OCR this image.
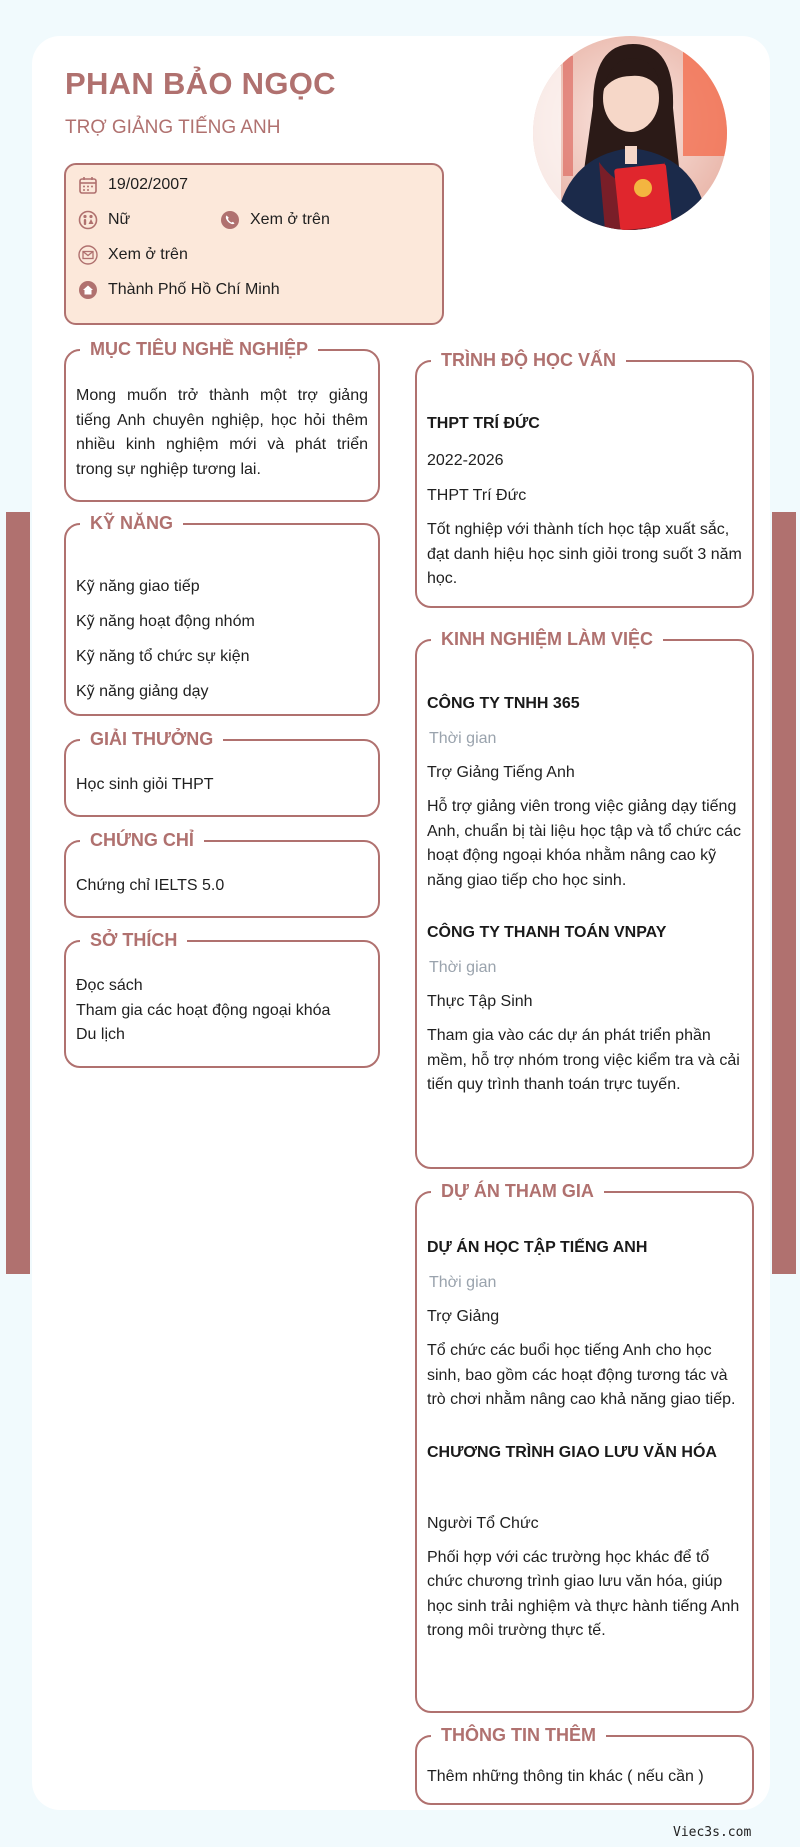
PHAN BẢO NGỌC
TRỢ GIẢNG TIẾNG ANH
19/02/2007
Nữ	Xem ở trên
Xem ở trên
Thành Phố Hồ Chí Minh
MỤC TIÊU NGHỀ NGHIỆP
Mong muốn trở thành một trợ giảng tiếng Anh chuyên nghiệp, học hỏi thêm nhiều kinh nghiệm mới và phát triển trong sự nghiệp tương lai.
KỸ NĂNG
Kỹ năng giao tiếp
Kỹ năng hoạt động nhóm
Kỹ năng tổ chức sự kiện
Kỹ năng giảng dạy
GIẢI THƯỞNG
Học sinh giỏi THPT
CHỨNG CHỈ
Chứng chỉ IELTS 5.0
SỞ THÍCH
Đọc sách
Tham gia các hoạt động ngoại khóa
Du lịch
TRÌNH ĐỘ HỌC VẤN
THPT TRÍ ĐỨC
2022-2026
THPT Trí Đức
Tốt nghiệp với thành tích học tập xuất sắc, đạt danh hiệu học sinh giỏi trong suốt 3 năm học.
KINH NGHIỆM LÀM VIỆC
CÔNG TY TNHH 365
Thời gian
Trợ Giảng Tiếng Anh
Hỗ trợ giảng viên trong việc giảng dạy tiếng Anh, chuẩn bị tài liệu học tập và tổ chức các hoạt động ngoại khóa nhằm nâng cao kỹ năng giao tiếp cho học sinh.
CÔNG TY THANH TOÁN VNPAY
Thời gian
Thực Tập Sinh
Tham gia vào các dự án phát triển phần mềm, hỗ trợ nhóm trong việc kiểm tra và cải tiến quy trình thanh toán trực tuyến.
DỰ ÁN THAM GIA
DỰ ÁN HỌC TẬP TIẾNG ANH
Thời gian
Trợ Giảng
Tổ chức các buổi học tiếng Anh cho học sinh, bao gồm các hoạt động tương tác và trò chơi nhằm nâng cao khả năng giao tiếp.
CHƯƠNG TRÌNH GIAO LƯU VĂN HÓA
Người Tổ Chức
Phối hợp với các trường học khác để tổ chức chương trình giao lưu văn hóa, giúp học sinh trải nghiệm và thực hành tiếng Anh trong môi trường thực tế.
THÔNG TIN THÊM
Thêm những thông tin khác ( nếu cần )
Viec3s.com
